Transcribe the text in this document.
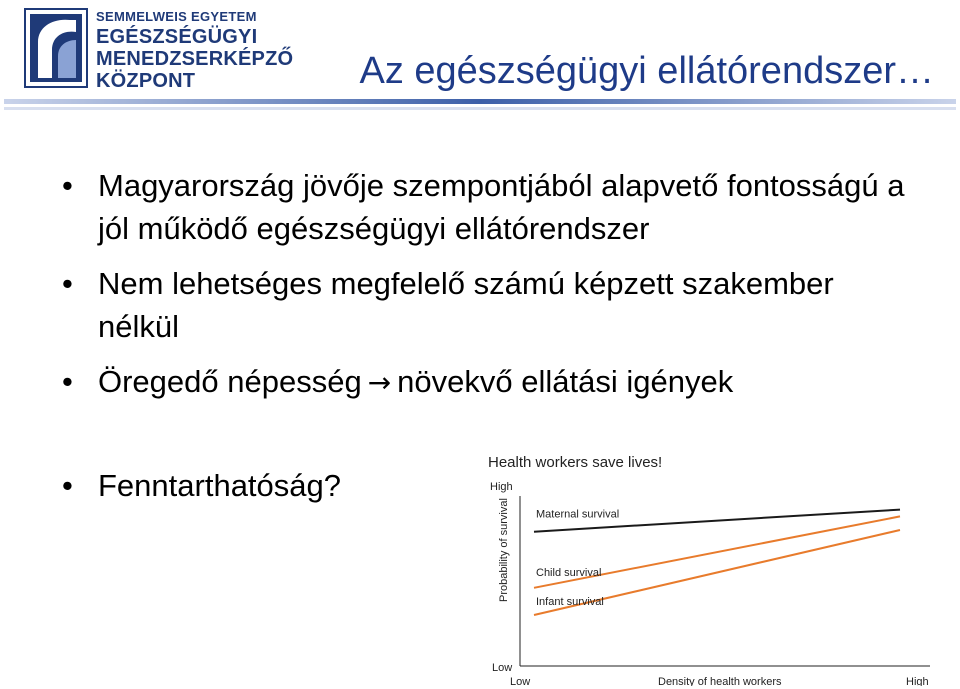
SEMMELWEIS EGYETEM
EGÉSZSÉGÜGYI
MENEDZSERKÉPZŐ
KÖZPONT	Az egészségügyi ellátórendszer…
• Magyarország jövője szempontjából alapvető fontosságú a jól működő egészségügyi ellátórendszer
• Nem lehetséges megfelelő számú képzett szakember nélkül
• Öregedő népesség → növekvő ellátási igények
• Fenntarthatóság?
Health workers save lives!
High
Low
Low	High
Density of health workers
Probability of survival Maternal survival
Child survival
Infant survival
